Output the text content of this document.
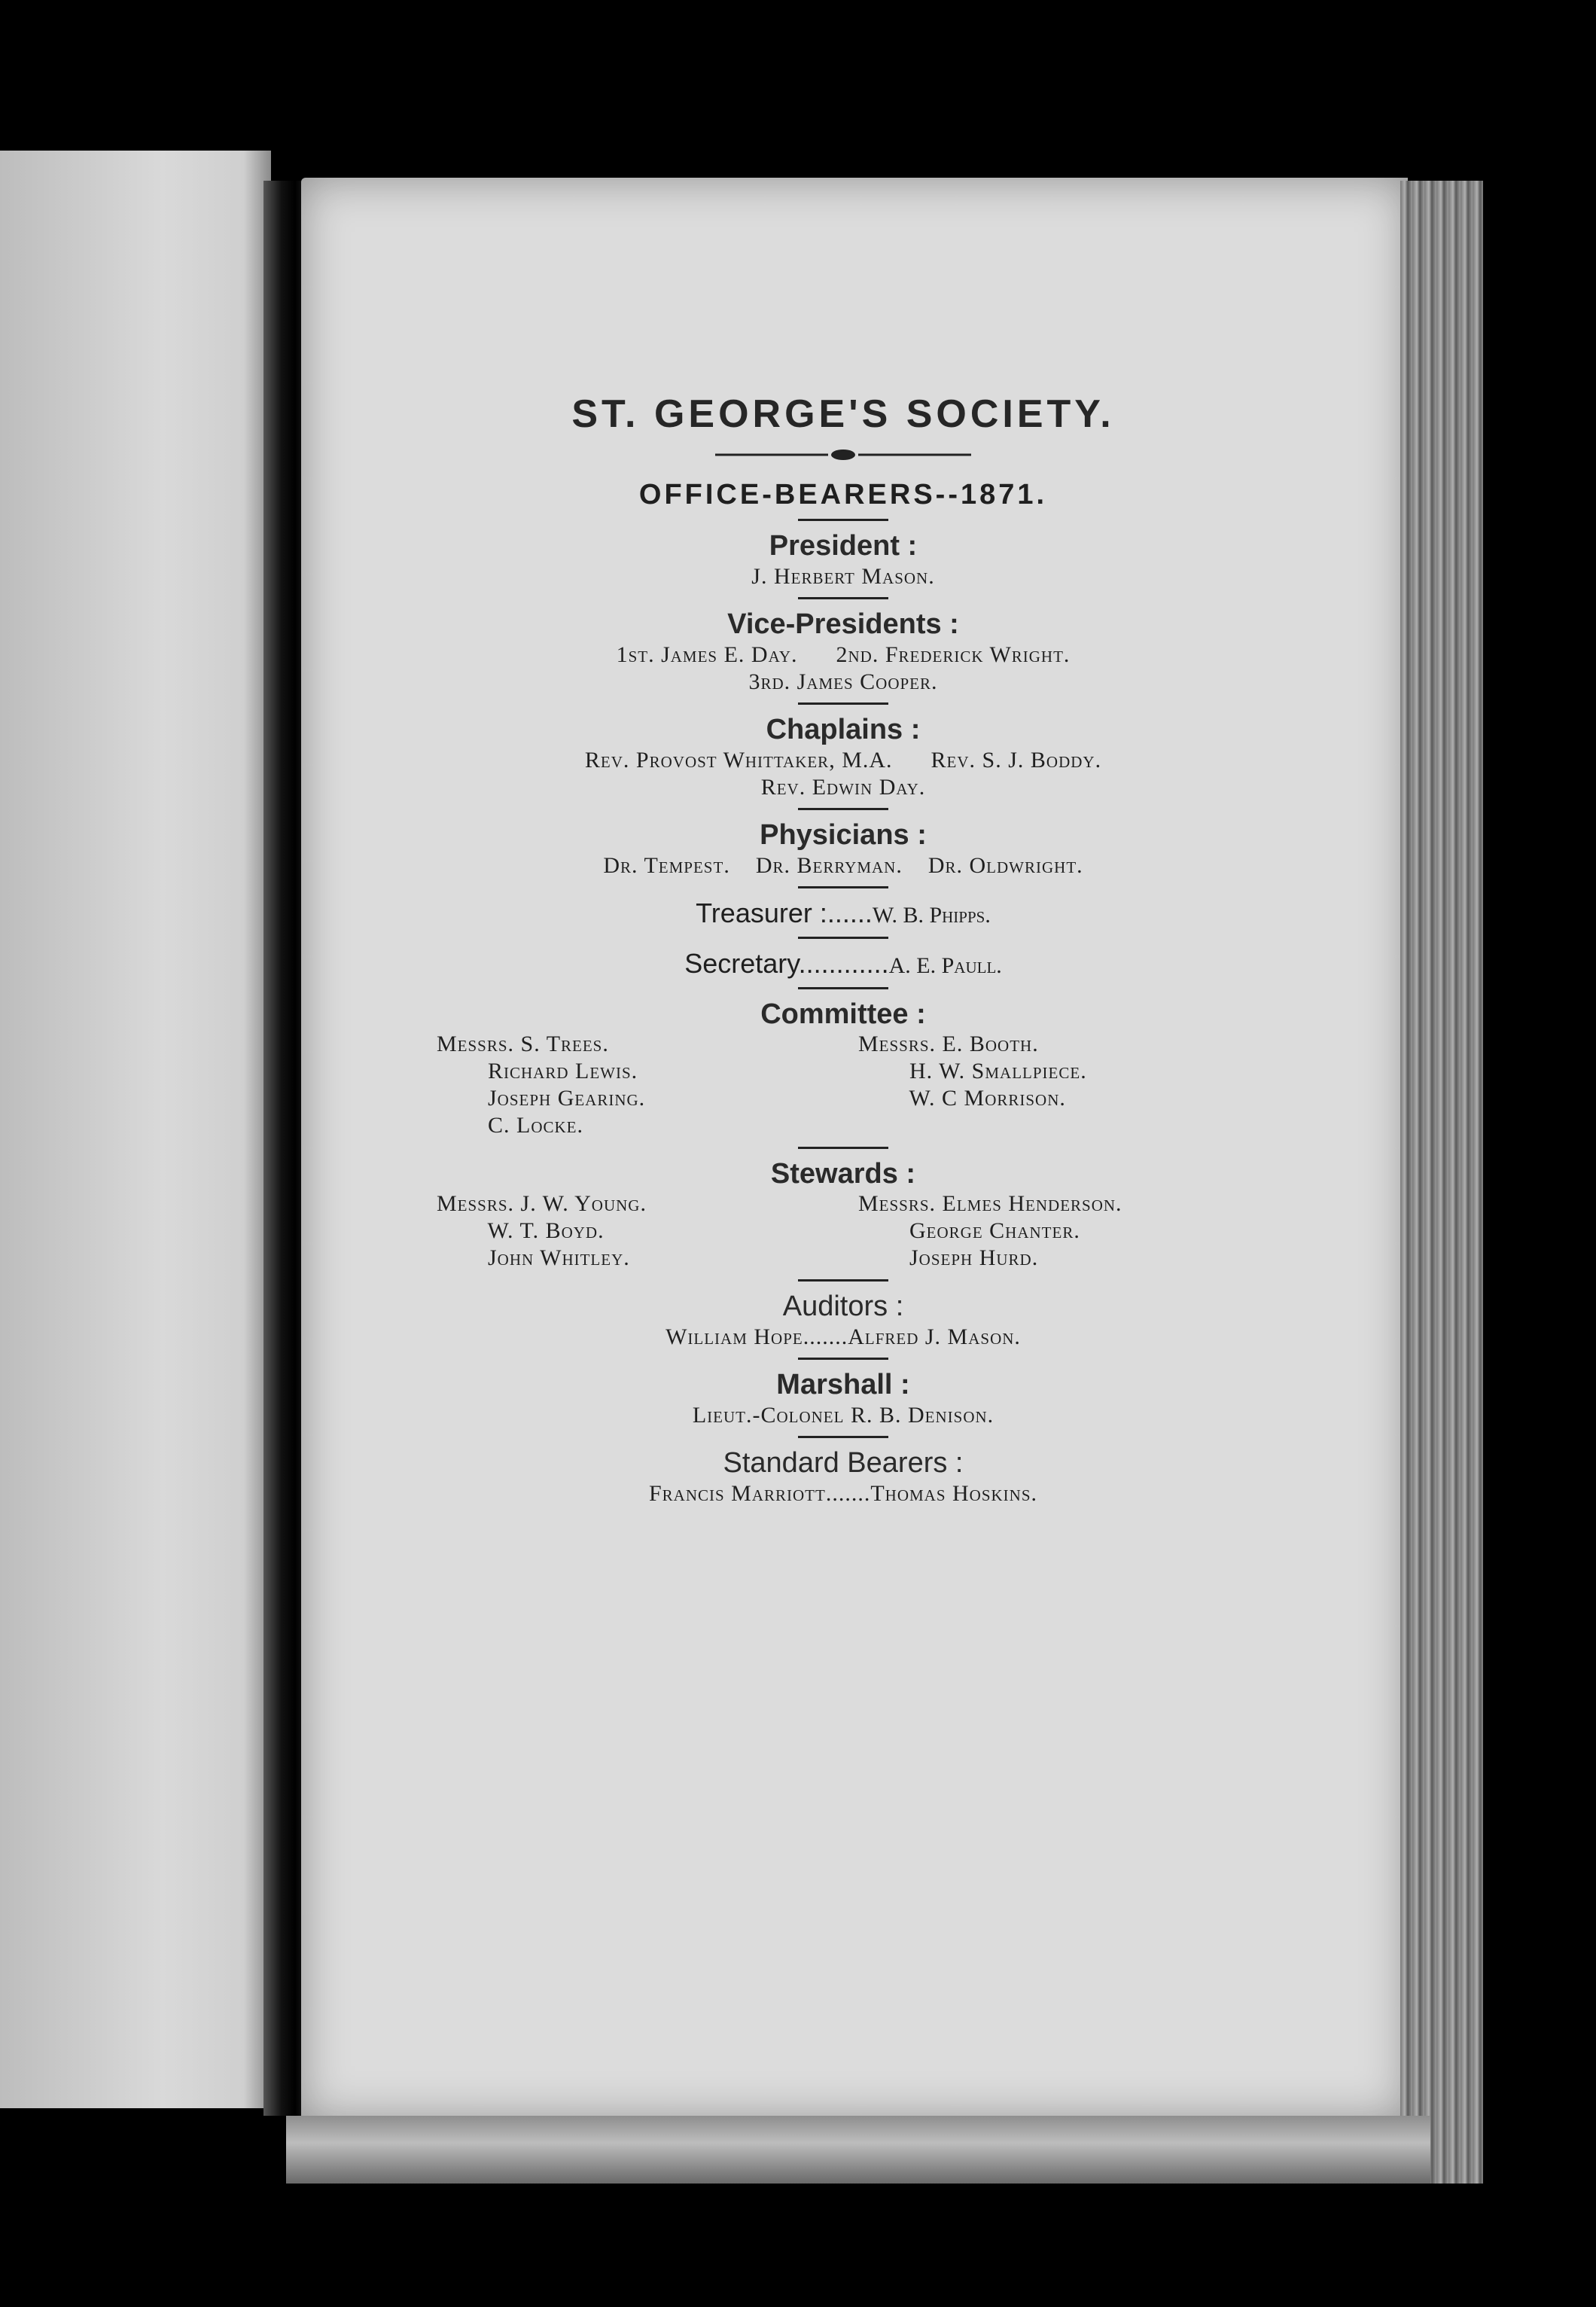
ST. GEORGE'S SOCIETY.
OFFICE-BEARERS--1871.
President :
J. Herbert Mason.
Vice-Presidents :
1st. James E. Day.      2nd. Frederick Wright.
3rd. James Cooper.
Chaplains :
Rev. Provost Whittaker, M.A.      Rev. S. J. Boddy.
Rev. Edwin Day.
Physicians :
Dr. Tempest.    Dr. Berryman.    Dr. Oldwright.
Treasurer :......W. B. Phipps.
Secretary............A. E. Paull.
Committee :
Messrs. S. Trees.	Messrs. E. Booth.
Richard Lewis.	H. W. Smallpiece.
Joseph Gearing.	W. C Morrison.
C. Locke.
Stewards :
Messrs. J. W. Young.	Messrs. Elmes Henderson.
W. T. Boyd.	George Chanter.
John Whitley.	Joseph Hurd.
Auditors :
William Hope.......Alfred J. Mason.
Marshall :
Lieut.-Colonel R. B. Denison.
Standard Bearers :
Francis Marriott.......Thomas Hoskins.
